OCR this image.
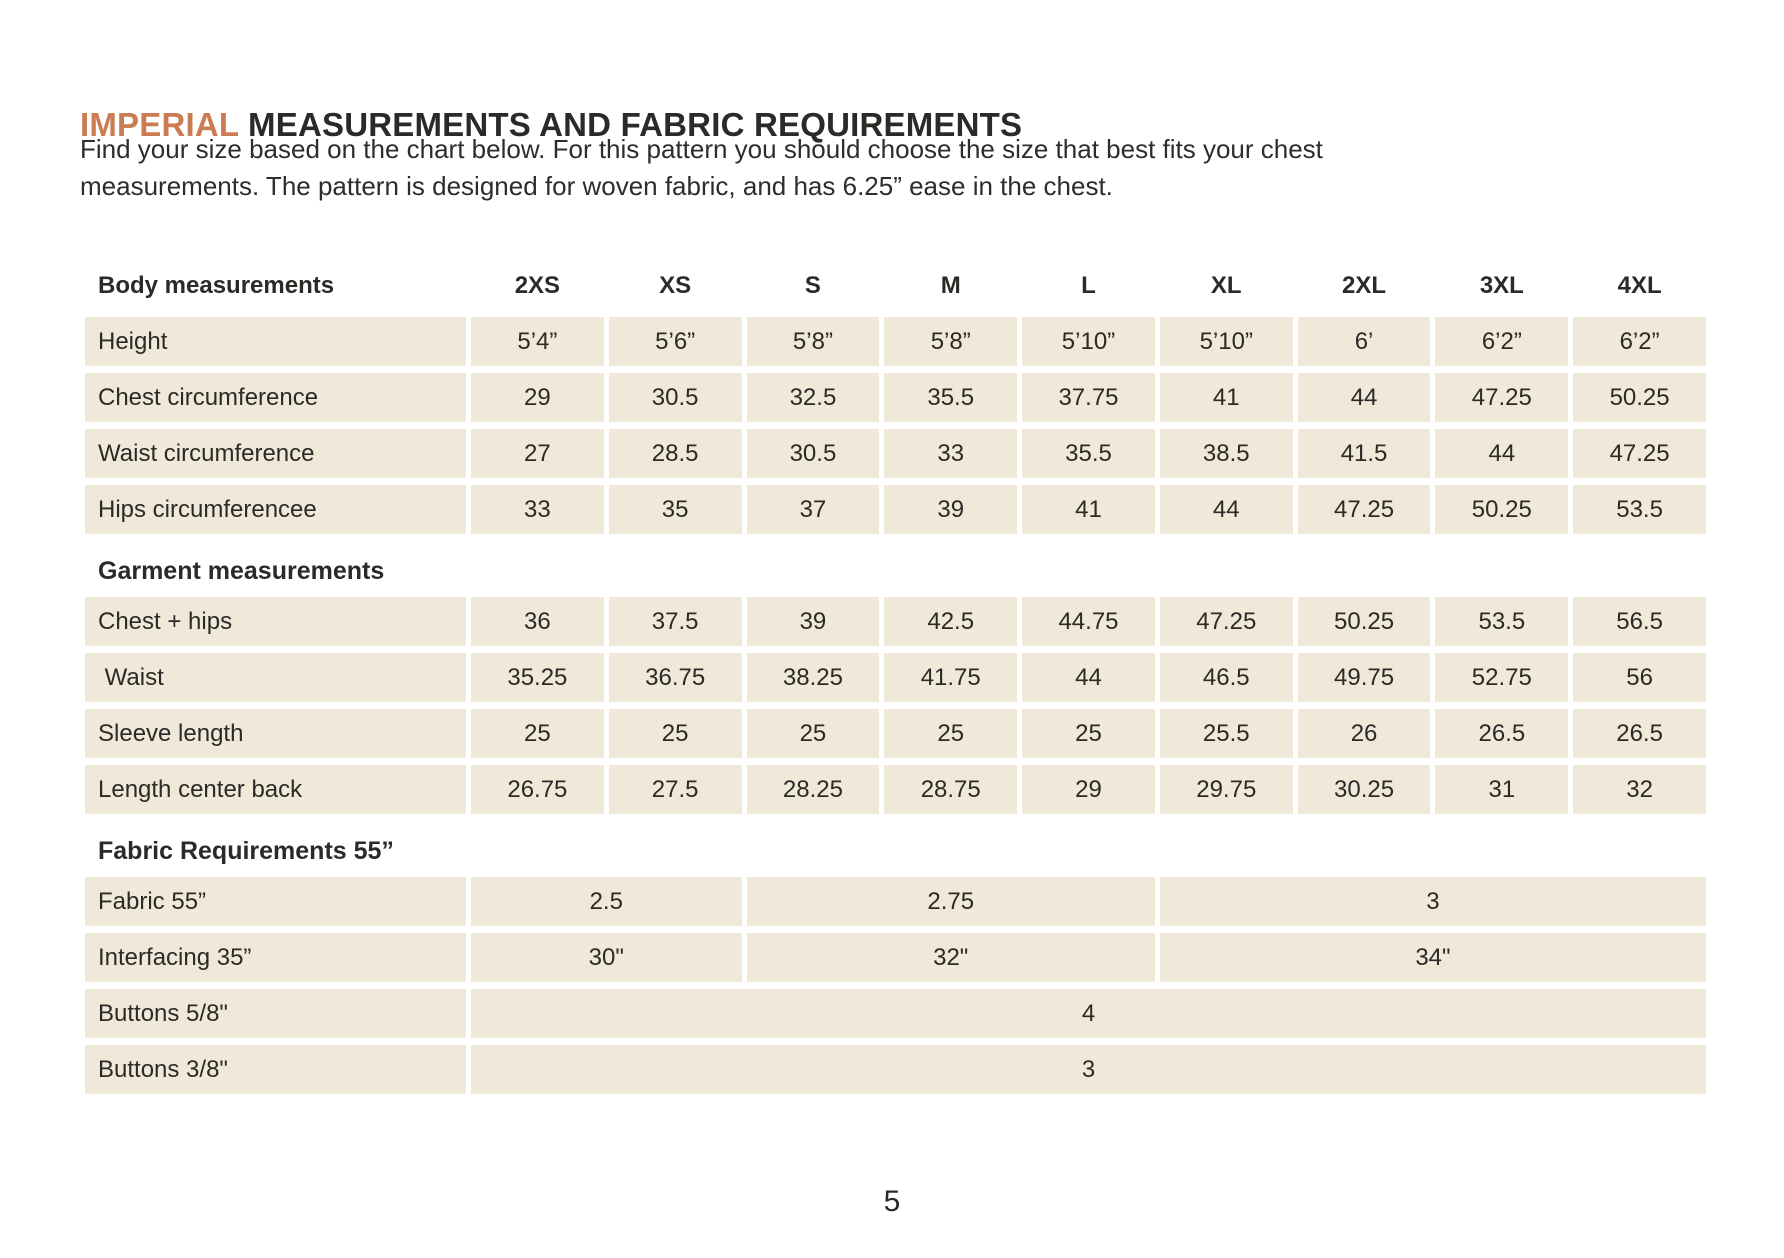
IMPERIAL MEASUREMENTS AND FABRIC REQUIREMENTS
Find your size based on the chart below. For this pattern you should choose the size that best fits your chest
measurements. The pattern is designed for woven fabric, and has 6.25” ease in the chest.
Body measurements	2XS	XS	S	M	L	XL	2XL	3XL	4XL
Height	5’4”	5’6”	5’8”	5’8”	5’10”	5’10”	6’	6’2”	6’2”
Chest circumference	29	30.5	32.5	35.5	37.75	41	44	47.25	50.25
Waist circumference	27	28.5	30.5	33	35.5	38.5	41.5	44	47.25
Hips circumferencee	33	35	37	39	41	44	47.25	50.25	53.5
Garment measurements
Chest + hips	36	37.5	39	42.5	44.75	47.25	50.25	53.5	56.5
Waist	35.25	36.75	38.25	41.75	44	46.5	49.75	52.75	56
Sleeve length	25	25	25	25	25	25.5	26	26.5	26.5
Length center back	26.75	27.5	28.25	28.75	29	29.75	30.25	31	32
Fabric Requirements 55”
Fabric 55”	2.5	2.75	3
Interfacing 35”	30"	32"	34"
Buttons 5/8"	4
Buttons 3/8"	3
5
